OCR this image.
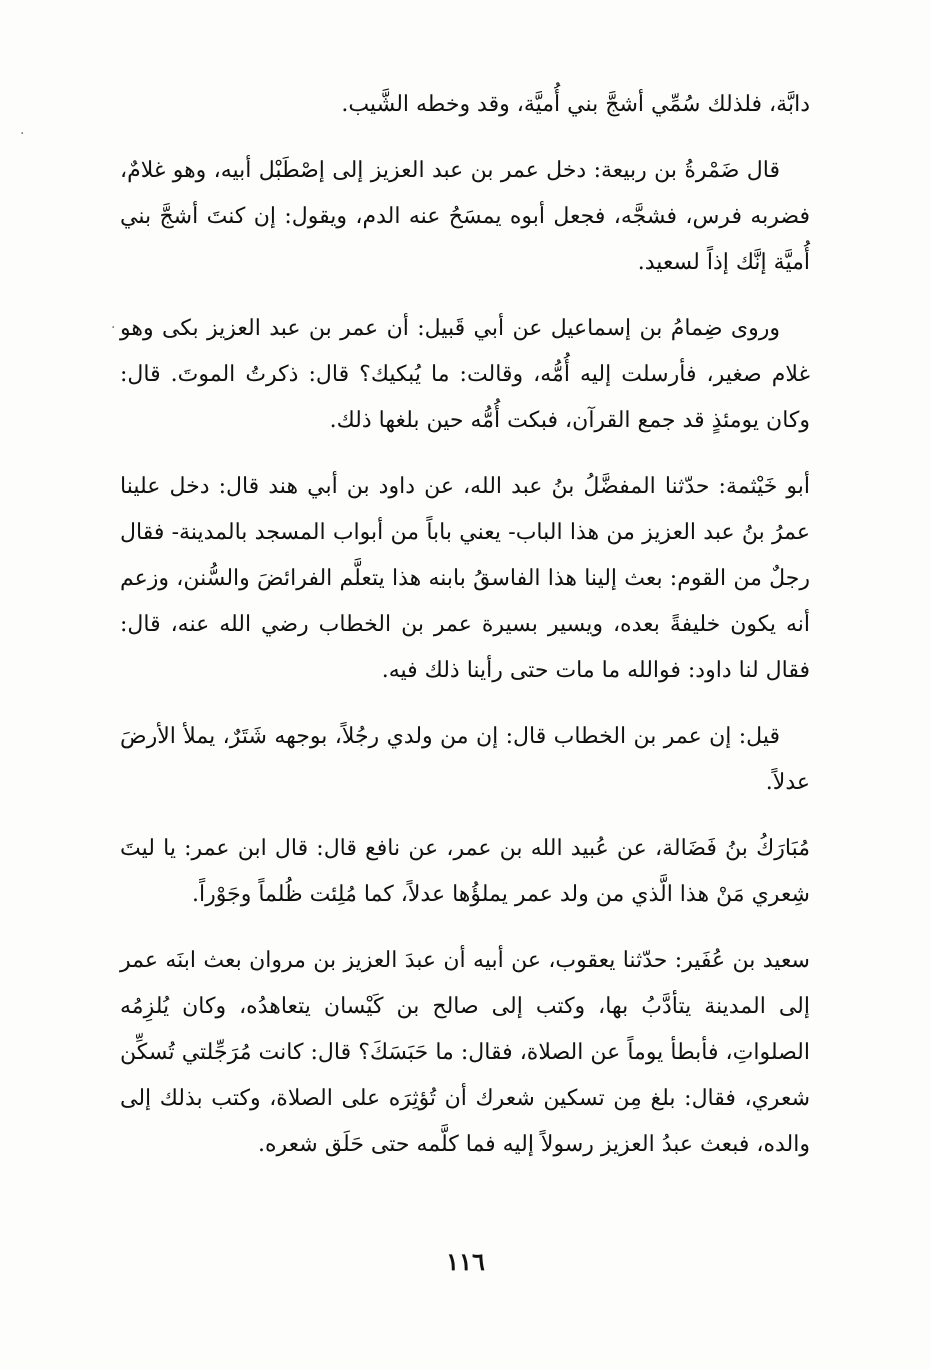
·
·

دابَّة، فلذلك سُمِّي أشجَّ بني أُميَّة، وقد وخطه الشَّيب.

قال ضَمْرةُ بن ربيعة: دخل عمر بن عبد العزيز إلى إصْطَبْل أبيه، وهو غلامٌ، فضربه فرس، فشجَّه، فجعل أبوه يمسَحُ عنه الدم، ويقول: إن كنتَ أشجَّ بني أُميَّة إنَّك إذاً لسعيد.

وروى ضِمامُ بن إسماعيل عن أبي قَبيل: أن عمر بن عبد العزيز بكى وهو غلام صغير، فأرسلت إليه أُمُّه، وقالت: ما يُبكيك؟ قال: ذكرتُ الموتَ. قال: وكان يومئذٍ قد جمع القرآن، فبكت أُمُّه حين بلغها ذلك.

أبو خَيْثمة: حدّثنا المفضَّلُ بنُ عبد الله، عن داود بن أبي هند قال: دخل علينا عمرُ بنُ عبد العزيز من هذا الباب- يعني باباً من أبواب المسجد بالمدينة- فقال رجلٌ من القوم: بعث إلينا هذا الفاسقُ بابنه هذا يتعلَّم الفرائضَ والسُّنن، وزعم أنه يكون خليفةً بعده، ويسير بسيرة عمر بن الخطاب رضي الله عنه، قال: فقال لنا داود: فوالله ما مات حتى رأينا ذلك فيه.

قيل: إن عمر بن الخطاب قال: إن من ولدي رجُلاً، بوجهه شَتَرٌ، يملأ الأرضَ عدلاً.

مُبَارَكُ بنُ فَضَالة، عن عُبيد الله بن عمر، عن نافع قال: قال ابن عمر: يا ليتَ شِعري مَنْ هذا الَّذي من ولد عمر يملؤُها عدلاً، كما مُلِئت ظُلماً وجَوْراً.

سعيد بن عُفَير: حدّثنا يعقوب، عن أبيه أن عبدَ العزيز بن مروان بعث ابنَه عمر إلى المدينة يتأدَّبُ بها، وكتب إلى صالح بن كَيْسان يتعاهدُه، وكان يُلزِمُه الصلواتِ، فأبطأ يوماً عن الصلاة، فقال: ما حَبَسَكَ؟ قال: كانت مُرَجِّلتي تُسكِّن شعري، فقال: بلغ مِن تسكين شعرك أن تُؤثِرَه على الصلاة، وكتب بذلك إلى والده، فبعث عبدُ العزيز رسولاً إليه فما كلَّمه حتى حَلَق شعره.

١١٦
